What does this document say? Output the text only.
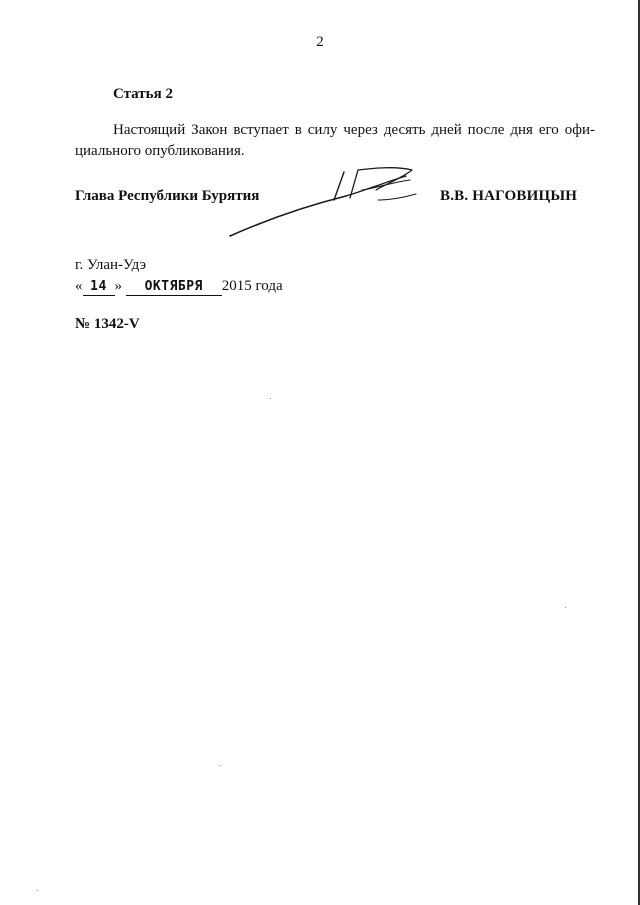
2
Статья 2
Настоящий Закон вступает в силу через десять дней после дня его офи-
циального опубликования.
Глава Республики Бурятия	В.В. НАГОВИЦЫН
г. Улан-Удэ
« 14 » ОКТЯБРЯ 2015 года
№ 1342-V
